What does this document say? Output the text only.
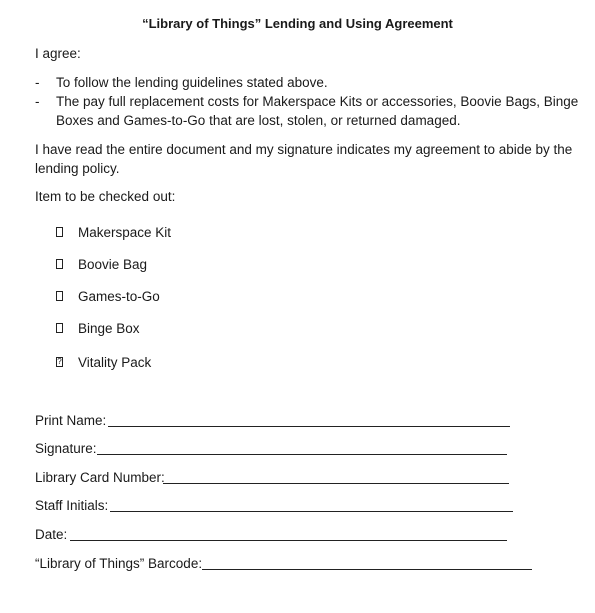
“Library of Things” Lending and Using Agreement
I agree:
- To follow the lending guidelines stated above.
- The pay full replacement costs for Makerspace Kits or accessories, Boovie Bags, Binge
Boxes and Games-to-Go that are lost, stolen, or returned damaged.
I have read the entire document and my signature indicates my agreement to abide by the
lending policy.
Item to be checked out:
Makerspace Kit
Boovie Bag
Games-to-Go
Binge Box
? Vitality Pack
Print Name:
Signature:
Library Card Number:
Staff Initials:
Date:
“Library of Things” Barcode:
